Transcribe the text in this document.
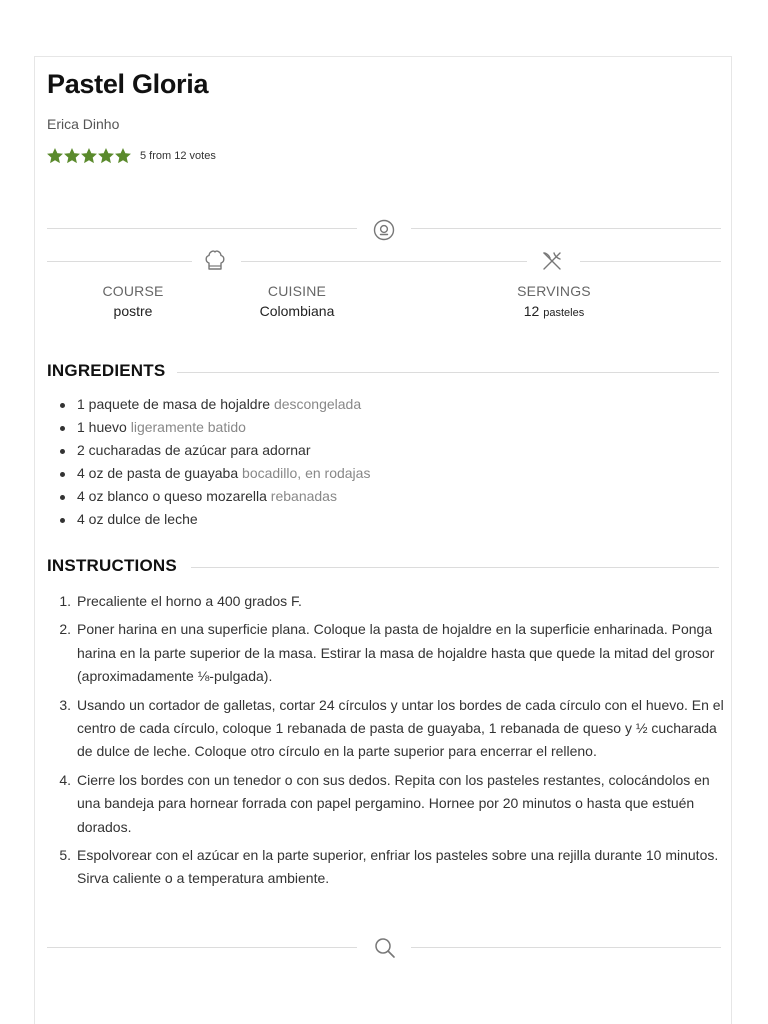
Pastel Gloria
Erica Dinho
5 from 12 votes
COURSE
postre
CUISINE
Colombiana
SERVINGS
12 pasteles
INGREDIENTS
1 paquete de masa de hojaldre descongelada
1 huevo ligeramente batido
2 cucharadas de azúcar para adornar
4 oz de pasta de guayaba bocadillo, en rodajas
4 oz blanco o queso mozarella rebanadas
4 oz dulce de leche
INSTRUCTIONS
1. Precaliente el horno a 400 grados F.
2. Poner harina en una superficie plana. Coloque la pasta de hojaldre en la superficie enharinada. Ponga harina en la parte superior de la masa. Estirar la masa de hojaldre hasta que quede la mitad del grosor (aproximadamente ⅛-pulgada).
3. Usando un cortador de galletas, cortar 24 círculos y untar los bordes de cada círculo con el huevo. En el centro de cada círculo, coloque 1 rebanada de pasta de guayaba, 1 rebanada de queso y ½ cucharada de dulce de leche. Coloque otro círculo en la parte superior para encerrar el relleno.
4. Cierre los bordes con un tenedor o con sus dedos. Repita con los pasteles restantes, colocándolos en una bandeja para hornear forrada con papel pergamino. Hornee por 20 minutos o hasta que estuén dorados.
5. Espolvorear con el azúcar en la parte superior, enfriar los pasteles sobre una rejilla durante 10 minutos. Sirva caliente o a temperatura ambiente.
